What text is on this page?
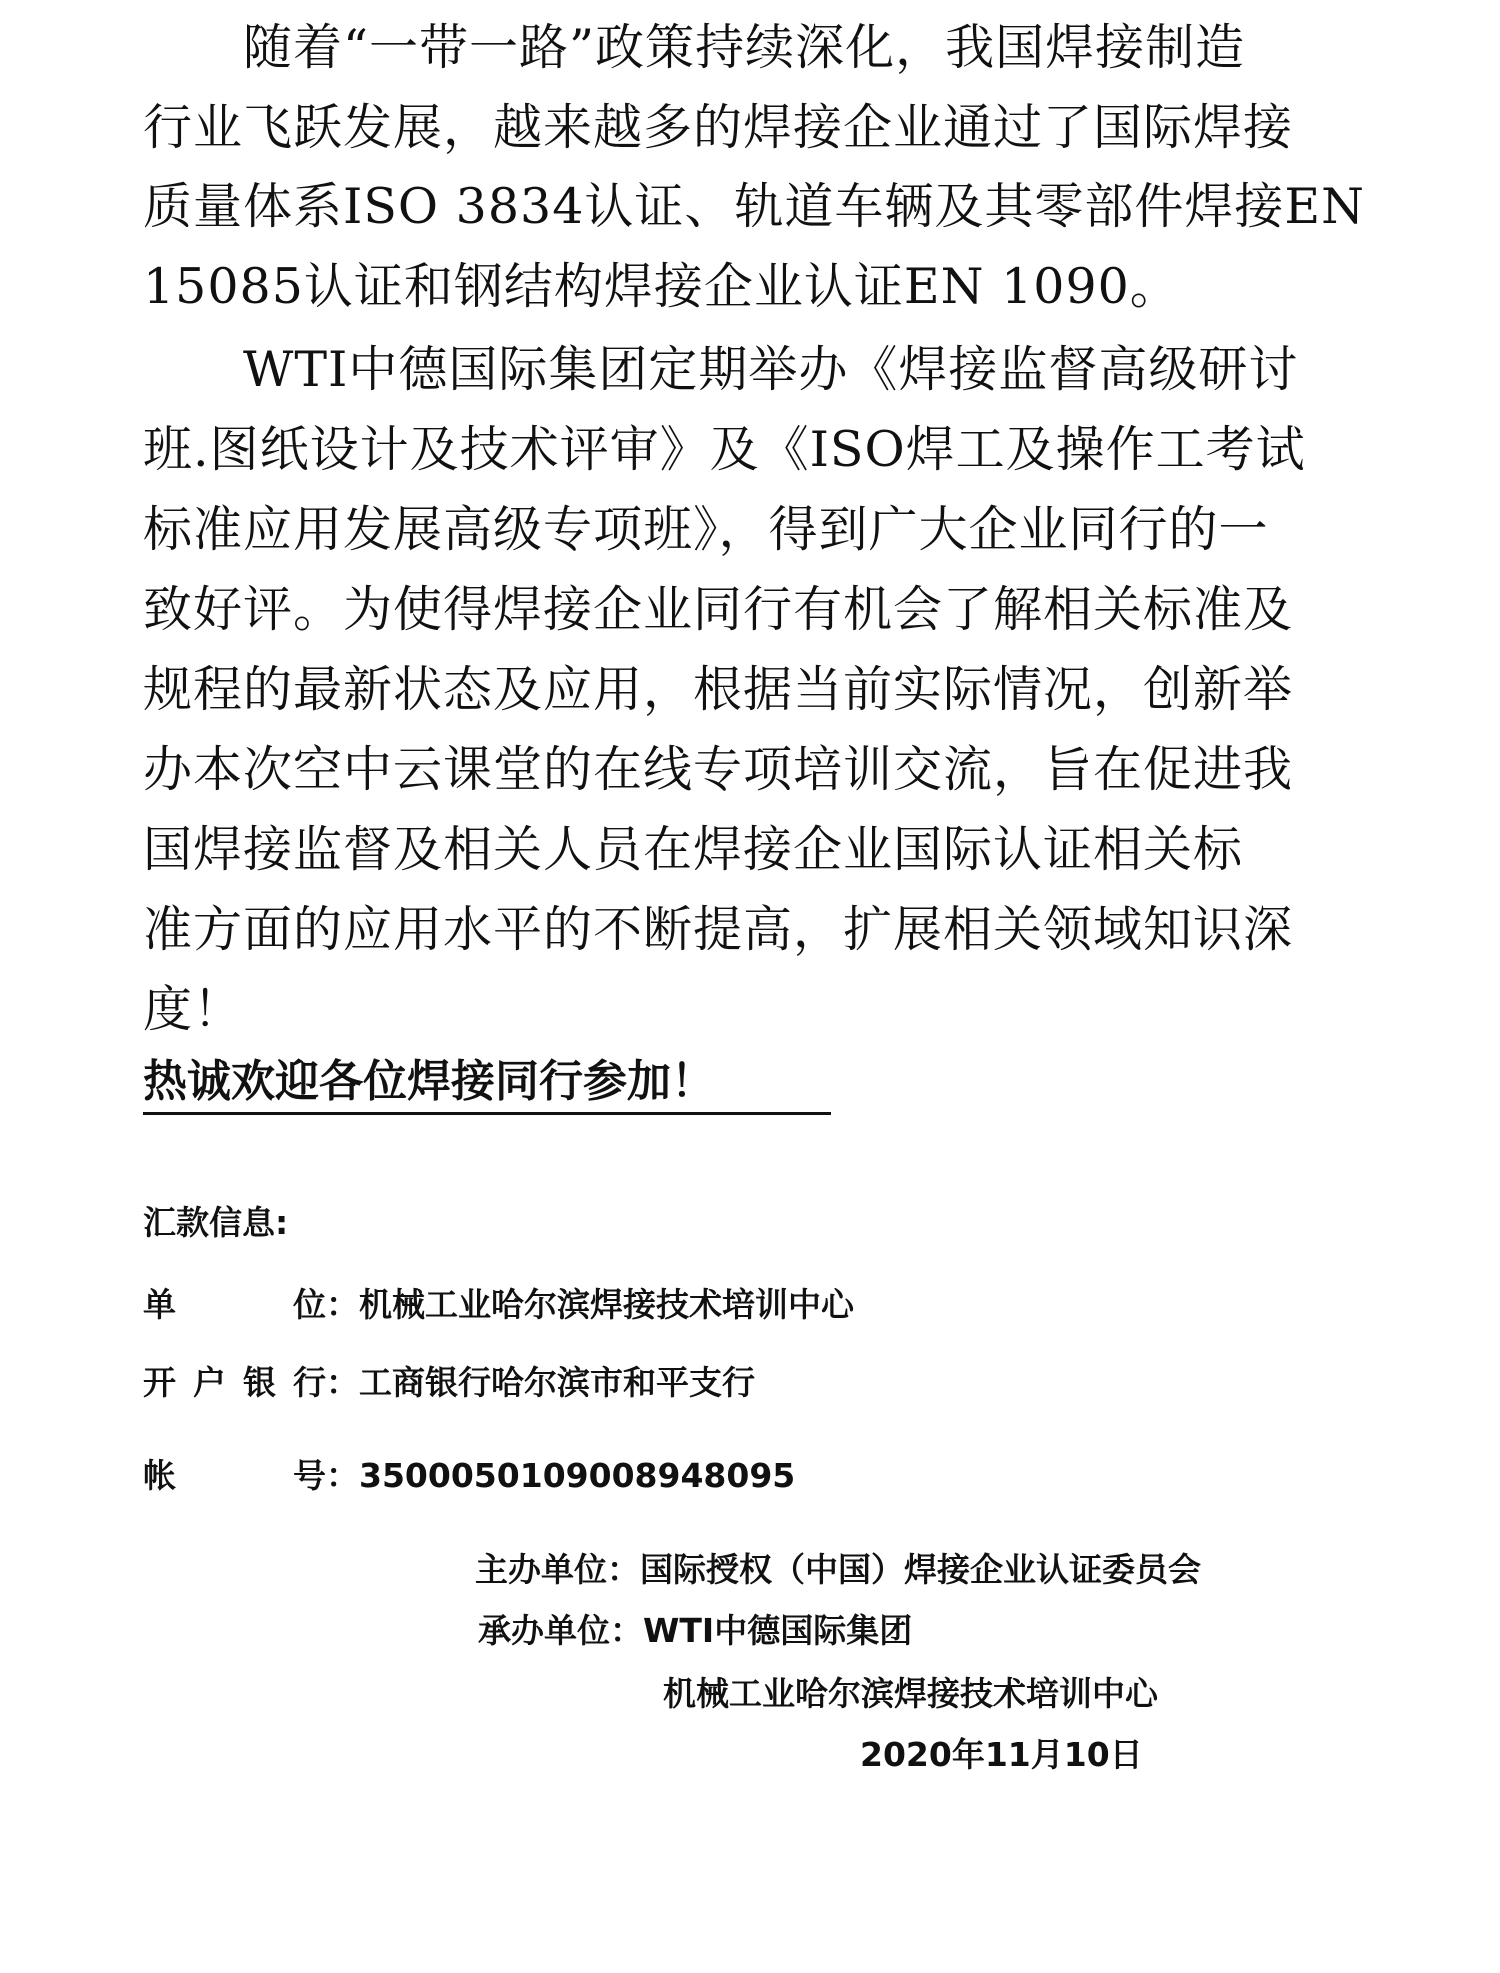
　　随着“一带一路”政策持续深化，我国焊接制造
行业飞跃发展，越来越多的焊接企业通过了国际焊接
质量体系ISO 3834认证、轨道车辆及其零部件焊接EN
15085认证和钢结构焊接企业认证EN 1090。
　　WTI中德国际集团定期举办《焊接监督高级研讨
班.图纸设计及技术评审》及《ISO焊工及操作工考试
标准应用发展高级专项班》，得到广大企业同行的一
致好评。为使得焊接企业同行有机会了解相关标准及
规程的最新状态及应用，根据当前实际情况，创新举
办本次空中云课堂的在线专项培训交流，旨在促进我
国焊接监督及相关人员在焊接企业国际认证相关标
准方面的应用水平的不断提高，扩展相关领域知识深
度！
热诚欢迎各位焊接同行参加！
汇款信息:
单位：机械工业哈尔滨焊接技术培训中心
开户银行：工商银行哈尔滨市和平支行
帐号：3500050109008948095
主办单位：国际授权（中国）焊接企业认证委员会
承办单位：WTI中德国际集团
机械工业哈尔滨焊接技术培训中心
2020年11月10日
